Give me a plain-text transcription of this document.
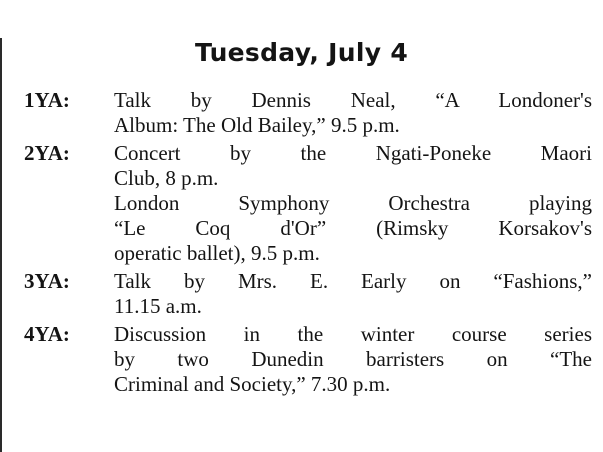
Tuesday, July 4
1YA:	Talk by Dennis Neal, “A Londoner's
Album: The Old Bailey,” 9.5 p.m.
2YA:	Concert by the Ngati-Poneke Maori
Club, 8 p.m.
London Symphony Orchestra playing
“Le Coq d'Or” (Rimsky Korsakov's
operatic ballet), 9.5 p.m.
3YA:	Talk by Mrs. E. Early on “Fashions,”
11.15 a.m.
4YA:	Discussion in the winter course series
by two Dunedin barristers on “The
Criminal and Society,” 7.30 p.m.
